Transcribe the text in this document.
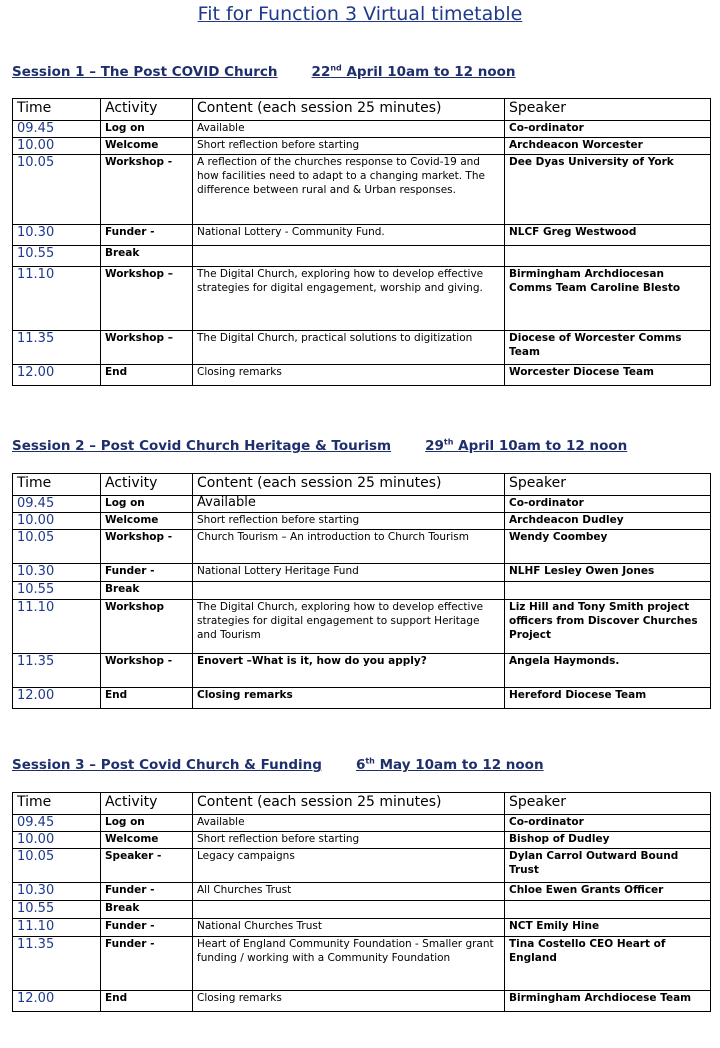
Fit for Function 3 Virtual timetable
Session 1 – The Post COVID Church	22nd April 10am to 12 noon
Time	Activity	Content (each session 25 minutes)	Speaker
09.45	Log on	Available	Co-ordinator
10.00	Welcome	Short reflection before starting	Archdeacon Worcester
10.05	Workshop -	A reflection of the churches response to Covid-19 and how facilities need to adapt to a changing market. The difference between rural and & Urban responses.	Dee Dyas University of York
10.30	Funder -	National Lottery - Community Fund.	NLCF Greg Westwood
10.55	Break		
11.10	Workshop –	The Digital Church, exploring how to develop effective strategies for digital engagement, worship and giving.	Birmingham Archdiocesan Comms Team Caroline Blesto
11.35	Workshop –	The Digital Church, practical solutions to digitization	Diocese of Worcester Comms Team
12.00	End	Closing remarks	Worcester Diocese Team
Session 2 – Post Covid Church Heritage & Tourism	29th April 10am to 12 noon
Time	Activity	Content (each session 25 minutes)	Speaker
09.45	Log on	Available	Co-ordinator
10.00	Welcome	Short reflection before starting	Archdeacon Dudley
10.05	Workshop -	Church Tourism – An introduction to Church Tourism	Wendy Coombey
10.30	Funder -	National Lottery Heritage Fund	NLHF Lesley Owen Jones
10.55	Break		
11.10	Workshop	The Digital Church, exploring how to develop effective strategies for digital engagement to support Heritage and Tourism	Liz Hill and Tony Smith project officers from Discover Churches Project
11.35	Workshop -	Enovert –What is it, how do you apply?	Angela Haymonds.
12.00	End	Closing remarks	Hereford Diocese Team
Session 3 – Post Covid Church & Funding	6th May 10am to 12 noon
Time	Activity	Content (each session 25 minutes)	Speaker
09.45	Log on	Available	Co-ordinator
10.00	Welcome	Short reflection before starting	Bishop of Dudley
10.05	Speaker -	Legacy campaigns	Dylan Carrol Outward Bound Trust
10.30	Funder -	All Churches Trust	Chloe Ewen Grants Officer
10.55	Break		
11.10	Funder -	National Churches Trust	NCT Emily Hine
11.35	Funder -	Heart of England Community Foundation - Smaller grant funding / working with a Community Foundation	Tina Costello CEO Heart of England
12.00	End	Closing remarks	Birmingham Archdiocese Team
